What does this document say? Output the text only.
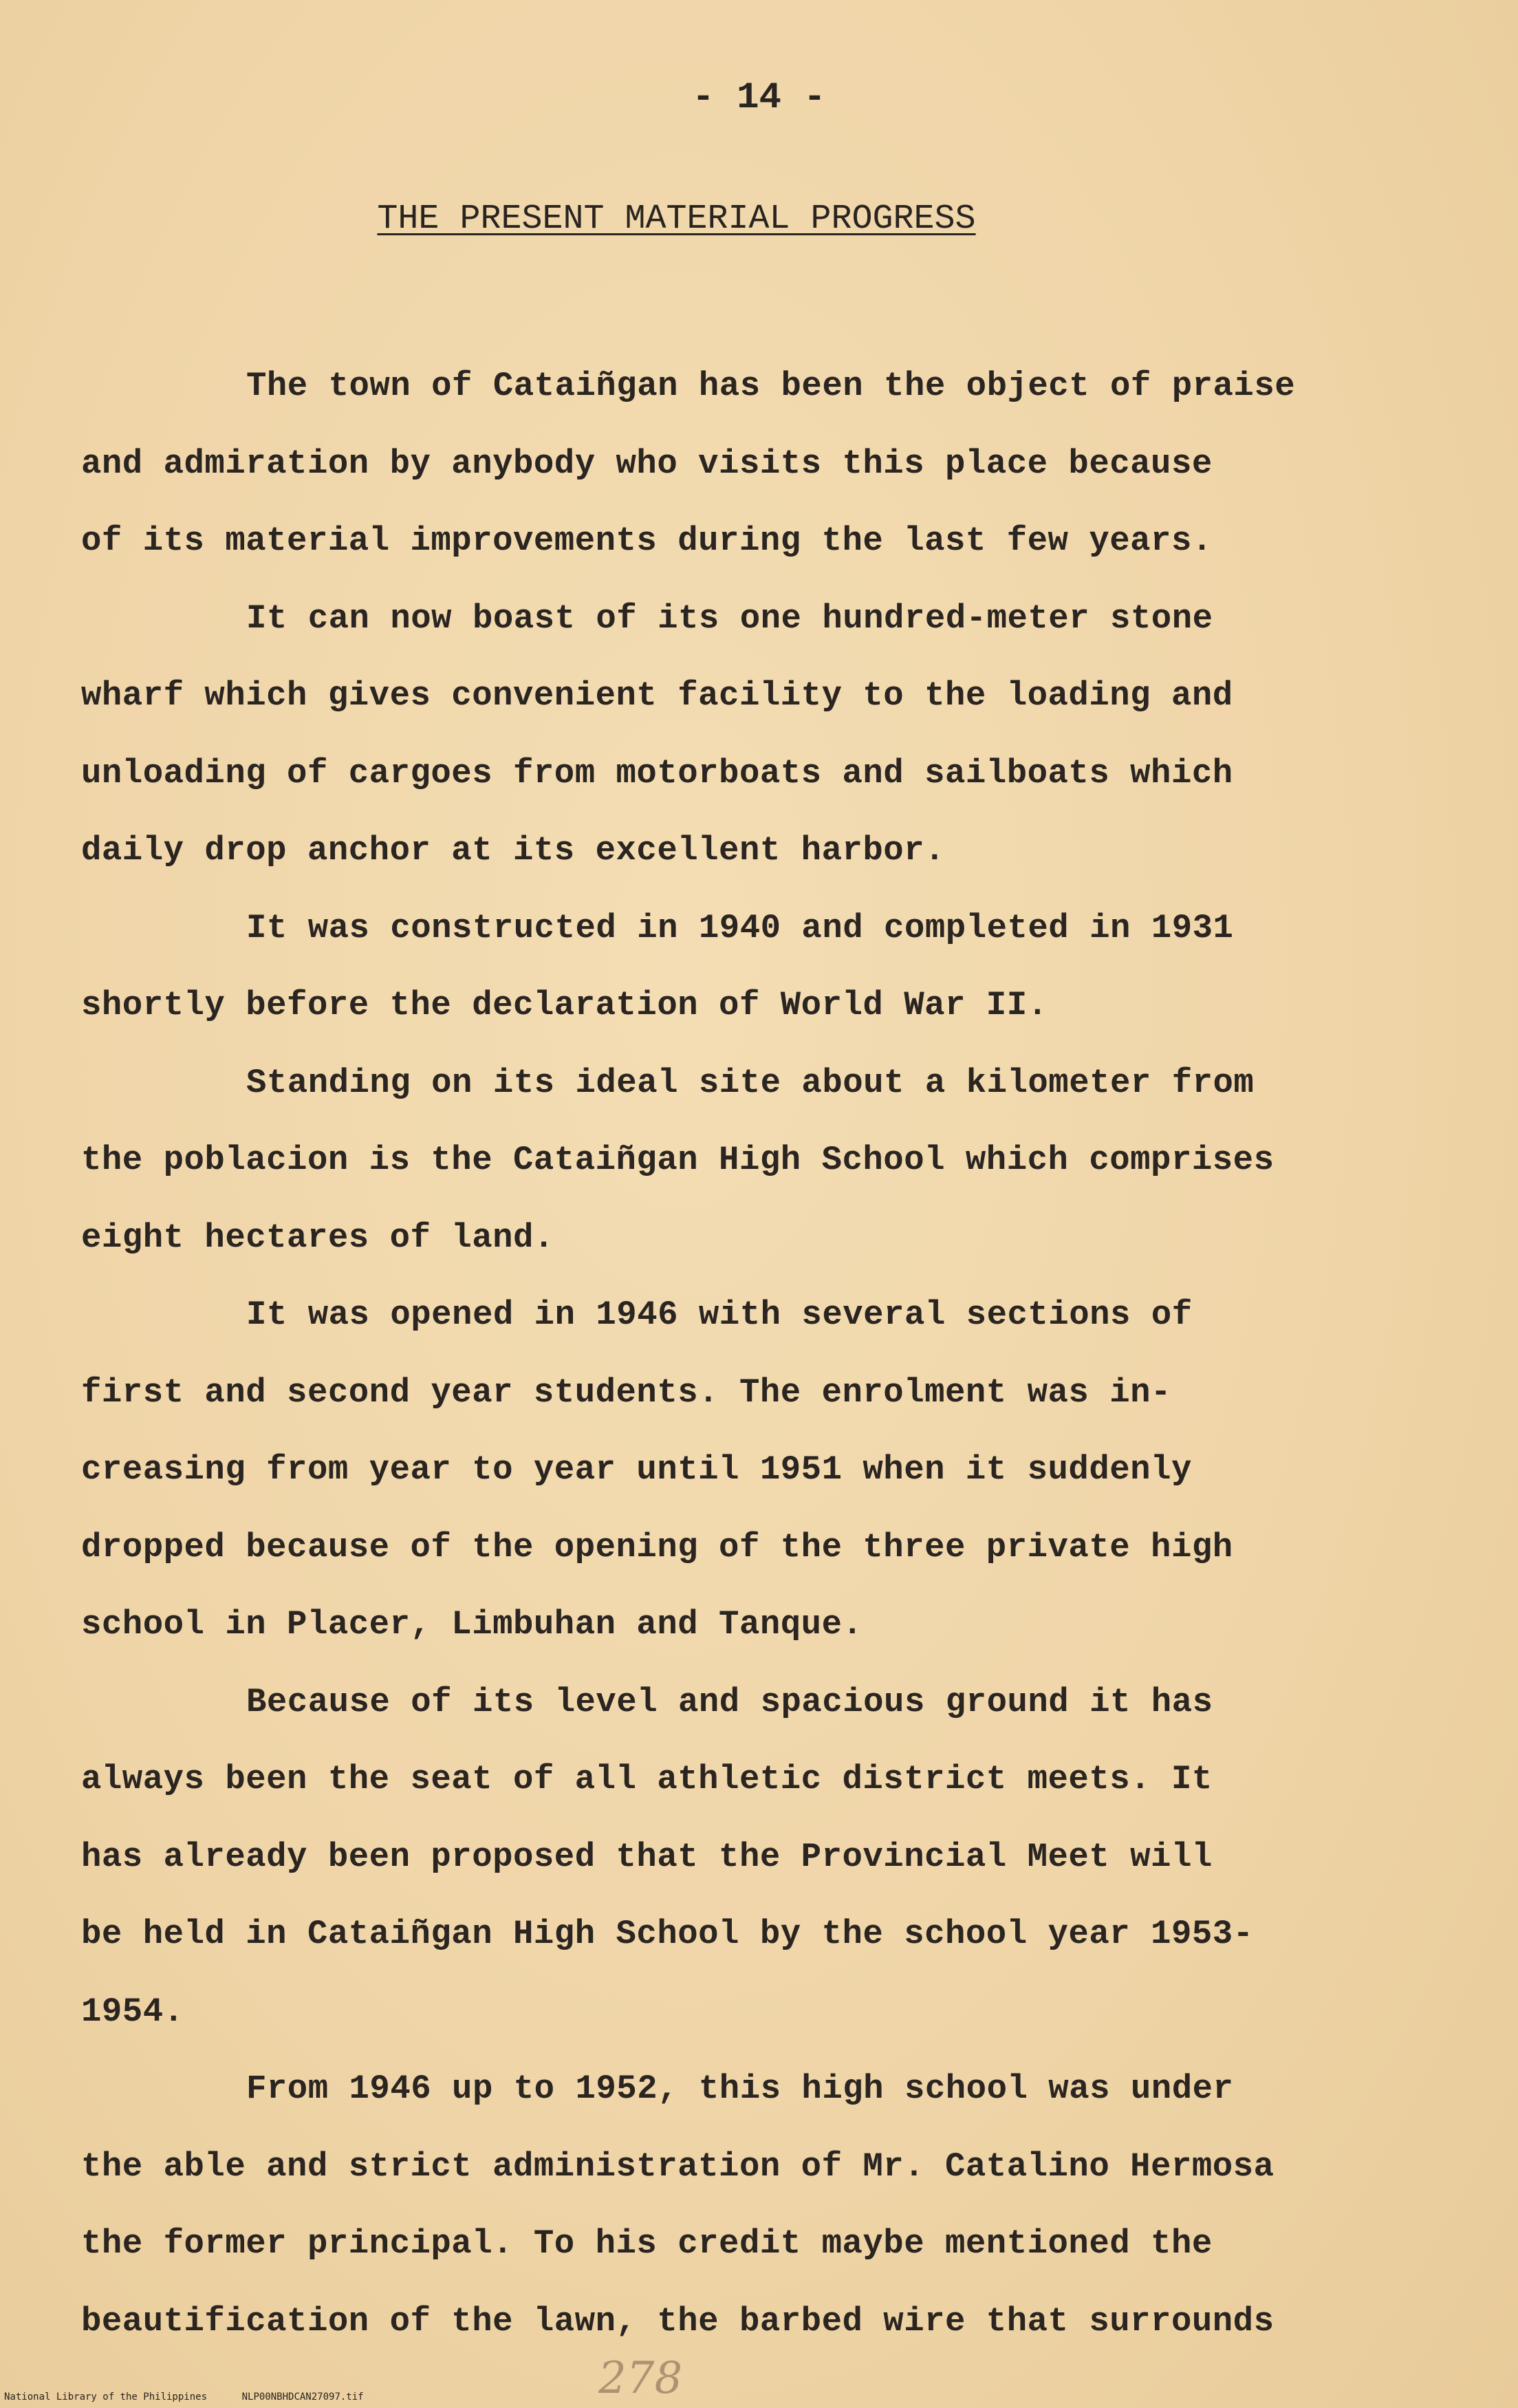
- 14 -
THE PRESENT MATERIAL PROGRESS
The town of Cataiñgan has been the object of praise
and admiration by anybody who visits this place because
of its material improvements during the last few years.
It can now boast of its one hundred-meter stone
wharf which gives convenient facility to the loading and
unloading of cargoes from motorboats and sailboats which
daily drop anchor at its excellent harbor.
It was constructed in 1940 and completed in 1931
shortly before the declaration of World War II.
Standing on its ideal site about a kilometer from
the poblacion is the Cataiñgan High School which comprises
eight hectares of land.
It was opened in 1946 with several sections of
first and second year students. The enrolment was in-
creasing from year to year until 1951 when it suddenly
dropped because of the opening of the three private high
school in Placer, Limbuhan and Tanque.
Because of its level and spacious ground it has
always been the seat of all athletic district meets. It
has already been proposed that the Provincial Meet will
be held in Cataiñgan High School by the school year 1953-
1954.
From 1946 up to 1952, this high school was under
the able and strict administration of Mr. Catalino Hermosa
the former principal. To his credit maybe mentioned the
beautification of the lawn, the barbed wire that surrounds
National Library of the Philippines	NLP00NBHDCAN27097.tif	278
